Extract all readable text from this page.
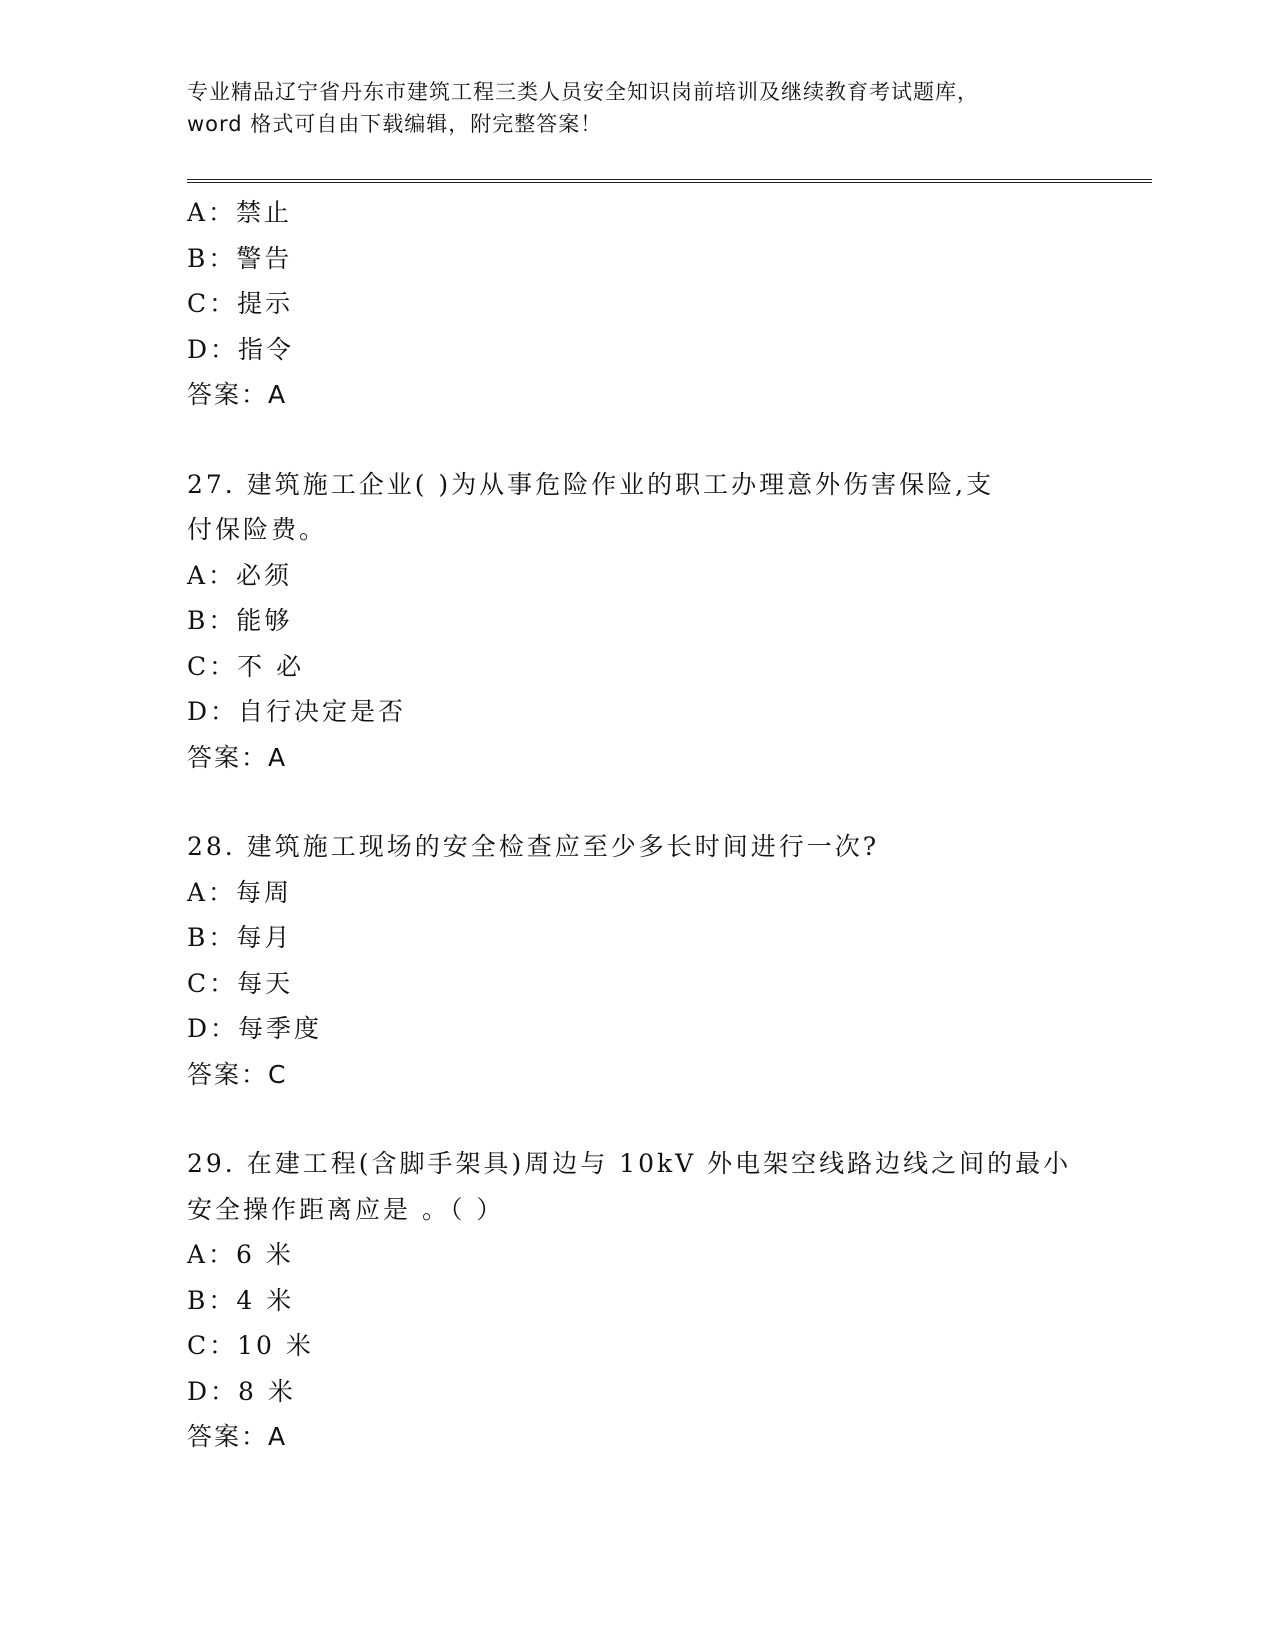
专业精品辽宁省丹东市建筑工程三类人员安全知识岗前培训及继续教育考试题库，
word 格式可自由下载编辑，附完整答案！
A：禁止
B：警告
C：提示
D：指令
答案：A
27. 建筑施工企业( )为从事危险作业的职工办理意外伤害保险,支
付保险费。
A：必须
B：能够
C：不 必
D：自行决定是否
答案：A
28. 建筑施工现场的安全检查应至少多长时间进行一次?
A：每周
B：每月
C：每天
D：每季度
答案：C
29. 在建工程(含脚手架具)周边与 10kV 外电架空线路边线之间的最小
安全操作距离应是 。（ ）
A：6 米
B：4 米
C：10 米
D：8 米
答案：A
